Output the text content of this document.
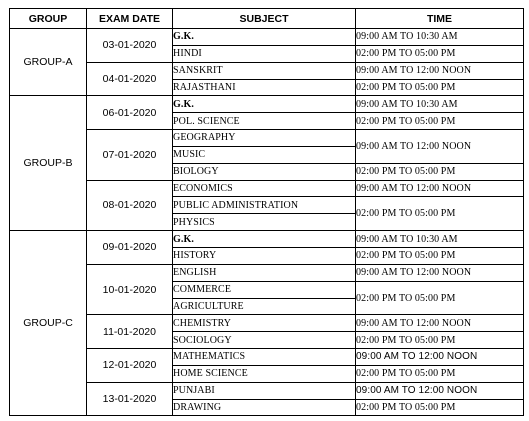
GROUP	EXAM DATE	SUBJECT	TIME
GROUP-A	03-01-2020	G.K.	09:00 AM TO 10:30 AM
		HINDI	02:00 PM TO 05:00 PM
	04-01-2020	SANSKRIT	09:00 AM TO 12:00 NOON
		RAJASTHANI	02:00 PM TO 05:00 PM
GROUP-B	06-01-2020	G.K.	09:00 AM TO 10:30 AM
		POL. SCIENCE	02:00 PM TO 05:00 PM
	07-01-2020	GEOGRAPHY	09:00 AM TO 12:00 NOON
		MUSIC	
		BIOLOGY	02:00 PM TO 05:00 PM
	08-01-2020	ECONOMICS	09:00 AM TO 12:00 NOON
		PUBLIC ADMINISTRATION	02:00 PM TO 05:00 PM
		PHYSICS	
GROUP-C	09-01-2020	G.K.	09:00 AM TO 10:30 AM
		HISTORY	02:00 PM TO 05:00 PM
	10-01-2020	ENGLISH	09:00 AM TO 12:00 NOON
		COMMERCE	02:00 PM TO 05:00 PM
		AGRICULTURE	
	11-01-2020	CHEMISTRY	09:00 AM TO 12:00 NOON
		SOCIOLOGY	02:00 PM TO 05:00 PM
	12-01-2020	MATHEMATICS	09:00 AM TO 12:00 NOON
		HOME SCIENCE	02:00 PM TO 05:00 PM
	13-01-2020	PUNJABI	09:00 AM TO 12:00 NOON
		DRAWING	02:00 PM TO 05:00 PM
